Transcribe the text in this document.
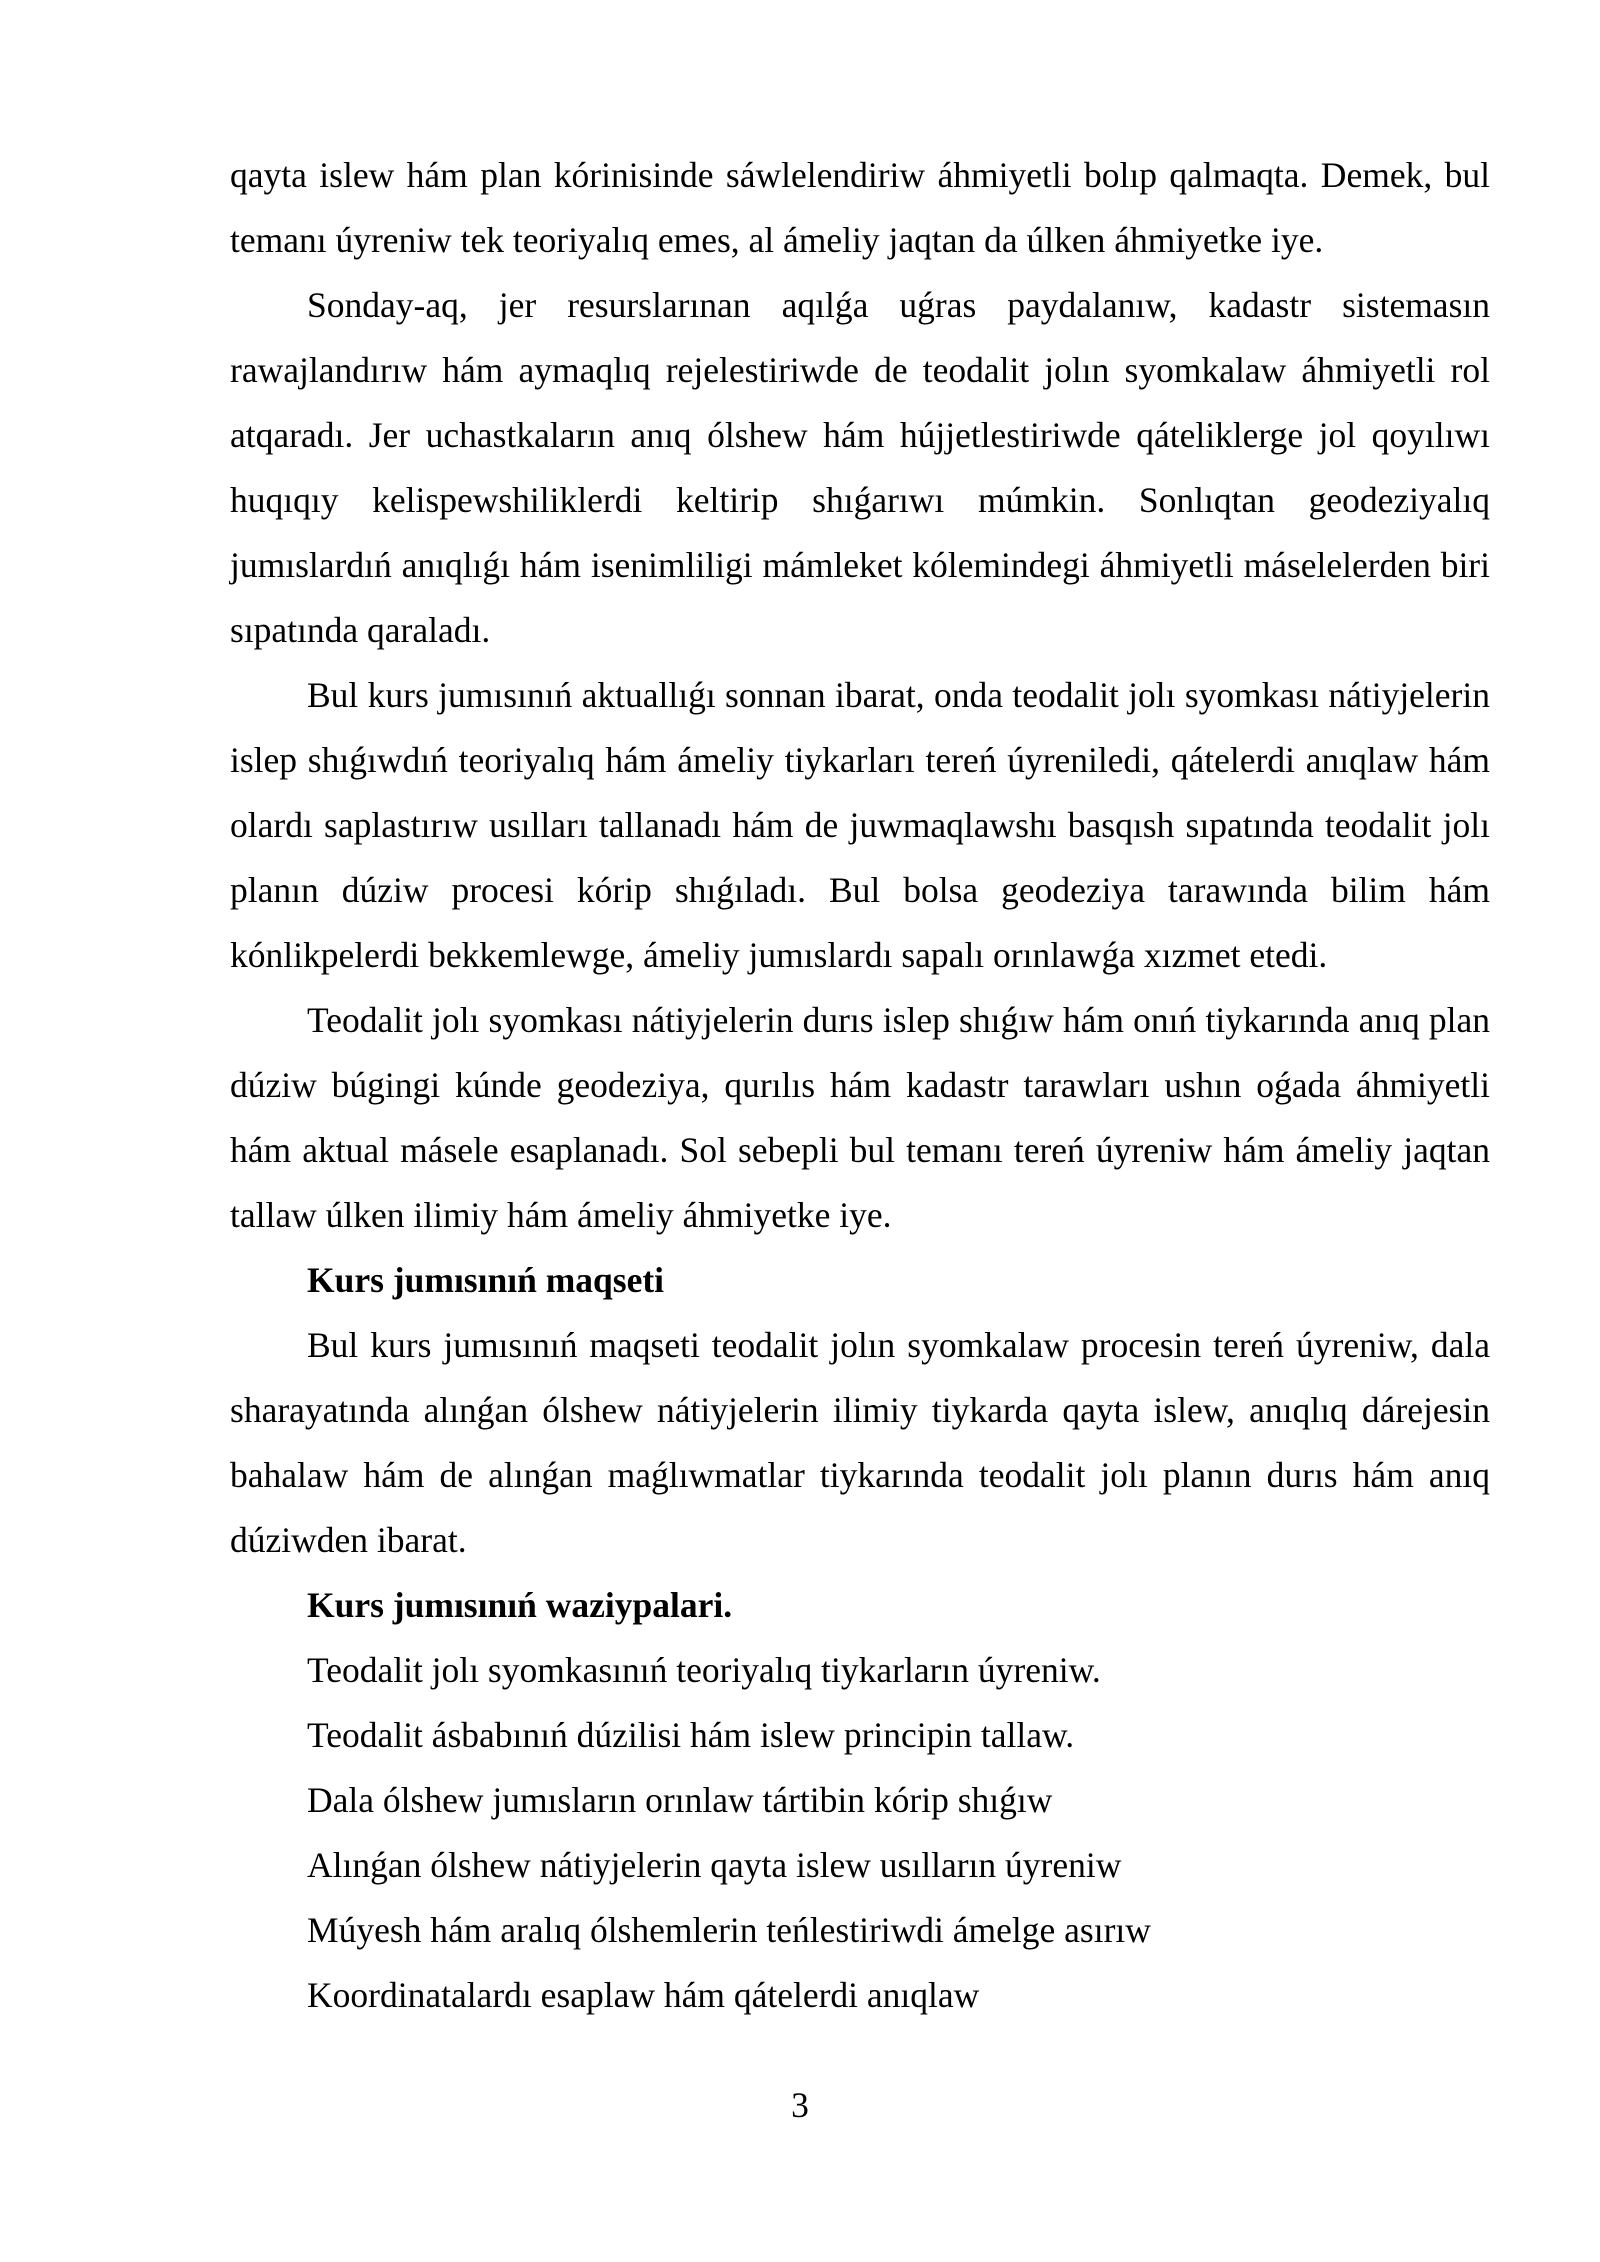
qayta islew hám plan kórinisinde sáwlelendiriw áhmiyetli bolıp qalmaqta. Demek, bul temanı úyreniw tek teoriyalıq emes, al ámeliy jaqtan da úlken áhmiyetke iye.

Sonday-aq, jer resurslarınan aqılǵa uǵras paydalanıw, kadastr sistemasın rawajlandırıw hám aymaqlıq rejelestiriwde de teodalit jolın syomkalaw áhmiyetli rol atqaradı. Jer uchastkaların anıq ólshew hám hújjetlestiriwde qáteliklerge jol qoyılıwı huqıqıy kelispewshiliklerdi keltirip shıǵarıwı múmkin. Sonlıqtan geodeziyalıq jumıslardıń anıqlıǵı hám isenimliligi mámleket kólemindegi áhmiyetli máselelerden biri sıpatında qaraladı.

Bul kurs jumısınıń aktuallıǵı sonnan ibarat, onda teodalit jolı syomkası nátiyjelerin islep shıǵıwdıń teoriyalıq hám ámeliy tiykarları tereń úyreniledi, qátelerdi anıqlaw hám olardı saplastırıw usılları tallanadı hám de juwmaqlawshı basqısh sıpatında teodalit jolı planın dúziw procesi kórip shıǵıladı. Bul bolsa geodeziya tarawında bilim hám kónlikpelerdi bekkemlewge, ámeliy jumıslardı sapalı orınlawǵa xızmet etedi.

Teodalit jolı syomkası nátiyjelerin durıs islep shıǵıw hám onıń tiykarında anıq plan dúziw búgingi kúnde geodeziya, qurılıs hám kadastr tarawları ushın oǵada áhmiyetli hám aktual másele esaplanadı. Sol sebepli bul temanı tereń úyreniw hám ámeliy jaqtan tallaw úlken ilimiy hám ámeliy áhmiyetke iye.

Kurs jumısınıń maqseti

Bul kurs jumısınıń maqseti teodalit jolın syomkalaw procesin tereń úyreniw, dala sharayatında alınǵan ólshew nátiyjelerin ilimiy tiykarda qayta islew, anıqlıq dárejesin bahalaw hám de alınǵan maǵlıwmatlar tiykarında teodalit jolı planın durıs hám anıq dúziwden ibarat.

Kurs jumısınıń waziypalari.

Teodalit jolı syomkasınıń teoriyalıq tiykarların úyreniw.

Teodalit ásbabınıń dúzilisi hám islew principin tallaw.

Dala ólshew jumısların orınlaw tártibin kórip shıǵıw

Alınǵan ólshew nátiyjelerin qayta islew usılların úyreniw

Múyesh hám aralıq ólshemlerin teńlestiriwdi ámelge asırıw

Koordinatalardı esaplaw hám qátelerdi anıqlaw

3
